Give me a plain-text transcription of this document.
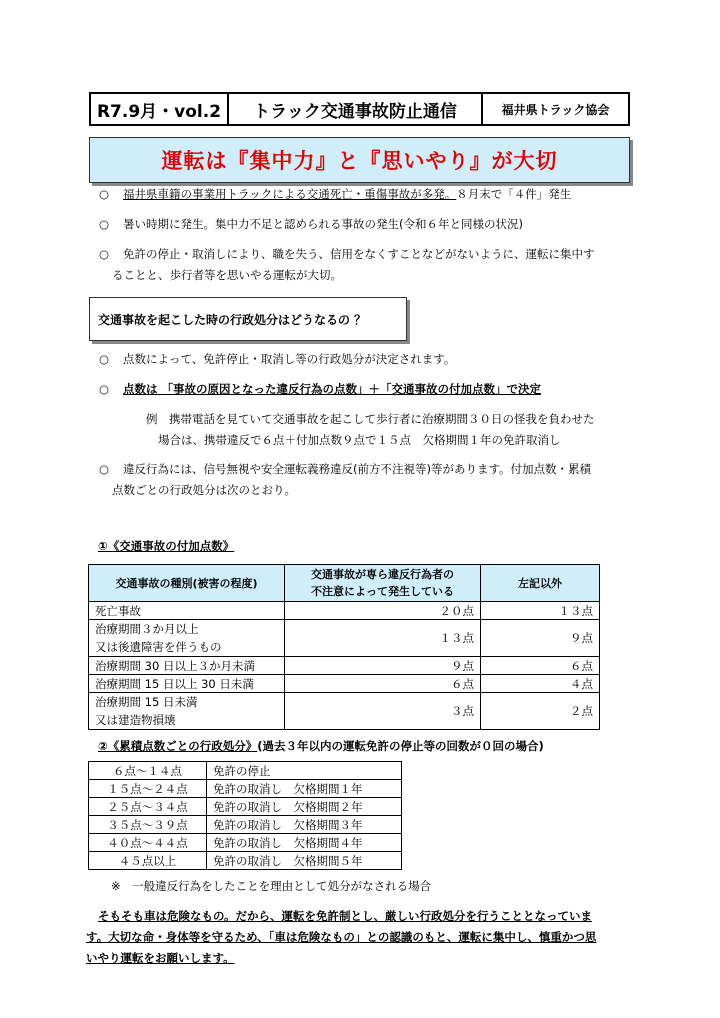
R7.9月・vol.2	トラック交通事故防止通信	福井県トラック協会
運転は『集中力』と『思いやり』が大切
○ 福井県車籍の事業用トラックによる交通死亡・重傷事故が多発。８月末で「４件」発生
○ 暑い時期に発生。集中力不足と認められる事故の発生(令和６年と同様の状況)
○ 免許の停止・取消しにより、職を失う、信用をなくすことなどがないように、運転に集中す
ることと、歩行者等を思いやる運転が大切。
交通事故を起こした時の行政処分はどうなるの ？
○ 点数によって、免許停止・取消し等の行政処分が決定されます。
○ 点数は 「事故の原因となった違反行為の点数」＋「交通事故の付加点数」で決定
例　携帯電話を見ていて交通事故を起こして歩行者に治療期間３０日の怪我を負わせた
場合は、携帯違反で６点＋付加点数９点で１５点　欠格期間１年の免許取消し
○ 違反行為には、信号無視や安全運転義務違反(前方不注視等)等があります。付加点数・累積
点数ごとの行政処分は次のとおり。
①《交通事故の付加点数》
交通事故の種別(被害の程度)	交通事故が専ら違反行為者の
不注意によって発生している	左記以外
死亡事故	２０点	１３点
治療期間３か月以上
又は後遺障害を伴うもの	１３点	９点
治療期間 30 日以上３か月未満	９点	６点
治療期間 15 日以上 30 日未満	６点	４点
治療期間 15 日未満
又は建造物損壊	３点	２点
②《累積点数ごとの行政処分》(過去３年以内の運転免許の停止等の回数が０回の場合)
６点～１４点	免許の停止
１５点～２４点	免許の取消し　欠格期間１年
２５点～３４点	免許の取消し　欠格期間２年
３５点～３９点	免許の取消し　欠格期間３年
４０点～４４点	免許の取消し　欠格期間４年
４５点以上	免許の取消し　欠格期間５年
※　一般違反行為をしたことを理由として処分がなされる場合
そもそも車は危険なもの。だから、運転を免許制とし、厳しい行政処分を行うこととなっていま
す。大切な命・身体等を守るため、「車は危険なもの」との認識のもと、運転に集中し、慎重かつ思
いやり運転をお願いします。
